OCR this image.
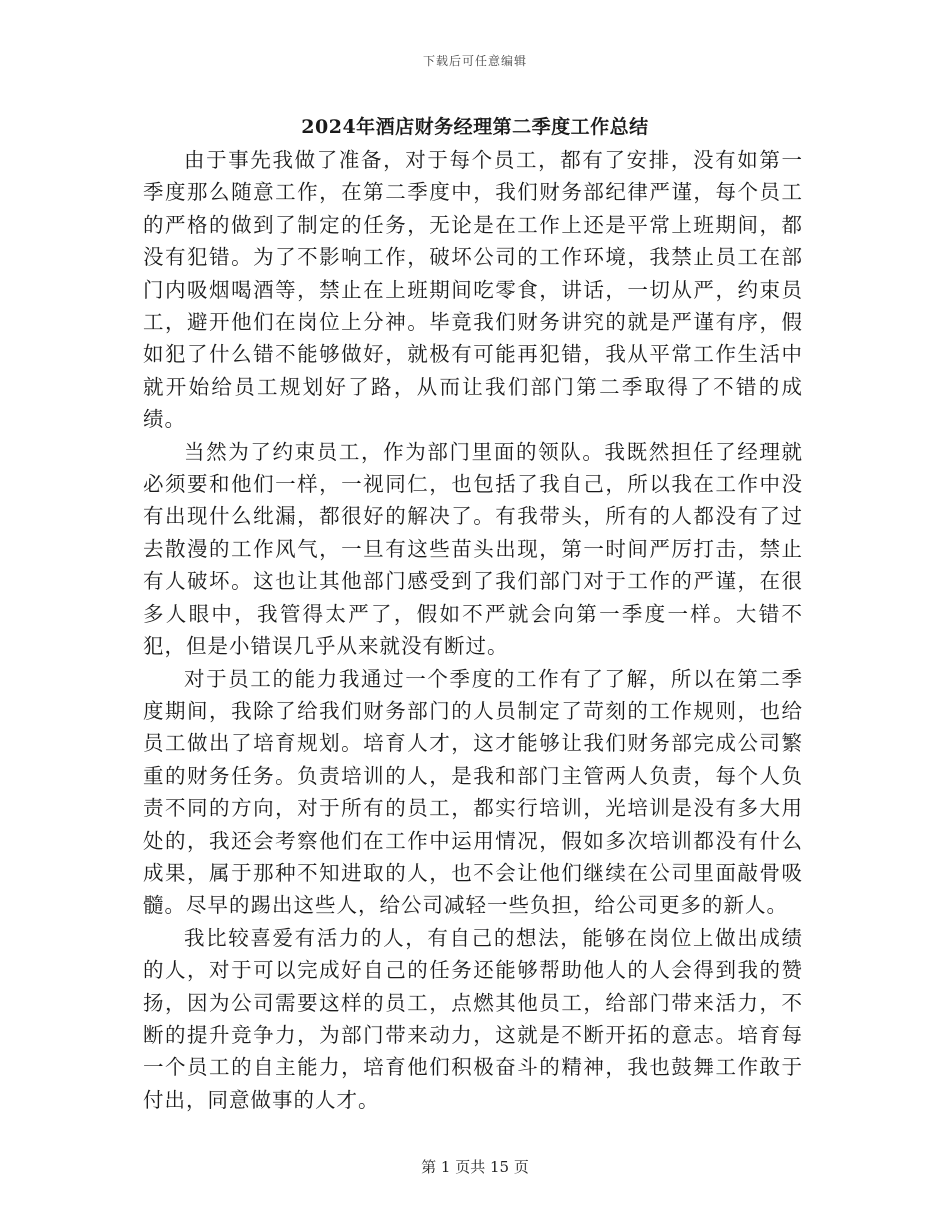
下载后可任意编辑
2024年酒店财务经理第二季度工作总结

由于事先我做了准备，对于每个员工，都有了安排，没有如第一季度那么随意工作，在第二季度中，我们财务部纪律严谨，每个员工的严格的做到了制定的任务，无论是在工作上还是平常上班期间，都没有犯错。为了不影响工作，破坏公司的工作环境，我禁止员工在部门内吸烟喝酒等，禁止在上班期间吃零食，讲话，一切从严，约束员工，避开他们在岗位上分神。毕竟我们财务讲究的就是严谨有序，假如犯了什么错不能够做好，就极有可能再犯错，我从平常工作生活中就开始给员工规划好了路，从而让我们部门第二季取得了不错的成绩。

当然为了约束员工，作为部门里面的领队。我既然担任了经理就必须要和他们一样，一视同仁，也包括了我自己，所以我在工作中没有出现什么纰漏，都很好的解决了。有我带头，所有的人都没有了过去散漫的工作风气，一旦有这些苗头出现，第一时间严厉打击，禁止有人破坏。这也让其他部门感受到了我们部门对于工作的严谨，在很多人眼中，我管得太严了，假如不严就会向第一季度一样。大错不犯，但是小错误几乎从来就没有断过。

对于员工的能力我通过一个季度的工作有了了解，所以在第二季度期间，我除了给我们财务部门的人员制定了苛刻的工作规则，也给员工做出了培育规划。培育人才，这才能够让我们财务部完成公司繁重的财务任务。负责培训的人，是我和部门主管两人负责，每个人负责不同的方向，对于所有的员工，都实行培训，光培训是没有多大用处的，我还会考察他们在工作中运用情况，假如多次培训都没有什么成果，属于那种不知进取的人，也不会让他们继续在公司里面敲骨吸髓。尽早的踢出这些人，给公司减轻一些负担，给公司更多的新人。

我比较喜爱有活力的人，有自己的想法，能够在岗位上做出成绩的人，对于可以完成好自己的任务还能够帮助他人的人会得到我的赞扬，因为公司需要这样的员工，点燃其他员工，给部门带来活力，不断的提升竞争力，为部门带来动力，这就是不断开拓的意志。培育每一个员工的自主能力，培育他们积极奋斗的精神，我也鼓舞工作敢于付出，同意做事的人才。

第 1 页共 15 页
